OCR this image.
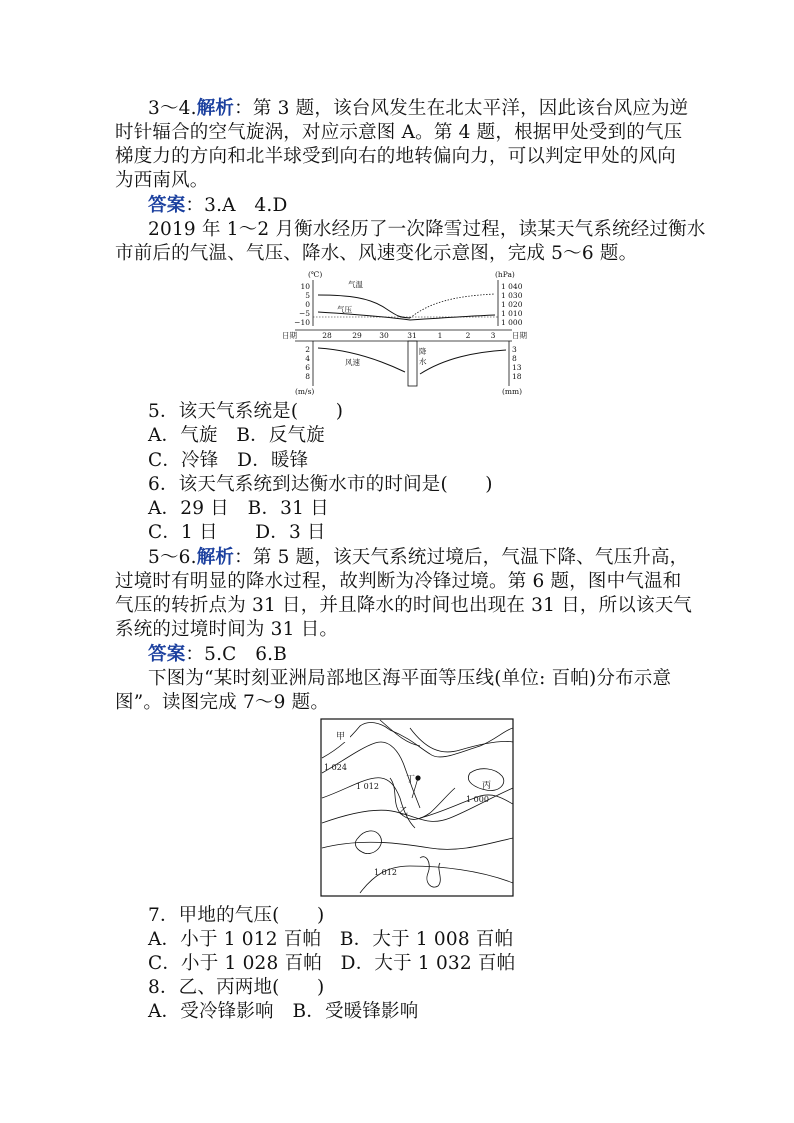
3～4.解析：第 3 题，该台风发生在北太平洋，因此该台风应为逆
时针辐合的空气旋涡，对应示意图 A。第 4 题，根据甲处受到的气压
梯度力的方向和北半球受到向右的地转偏向力，可以判定甲处的风向
为西南风。
答案：3.A　4.D
2019 年 1～2 月衡水经历了一次降雪过程，读某天气系统经过衡水
市前后的气温、气压、降水、风速变化示意图，完成 5～6 题。
(℃)	(hPa)
10
5
0
−5
−10
1 040
1 030
1 020
1 010
1 000
气温
气压
日期	日期
28	29 30 31	1	2	3
2
4
6
8
3
8
13
18
风速
降
水
(m/s)	(mm)
5．该天气系统是(　　)
A．气旋　B．反气旋
C．冷锋　D．暖锋
6．该天气系统到达衡水市的时间是(　　)
A．29 日　B．31 日
C．1 日　　D．3 日
5～6.解析：第 5 题，该天气系统过境后，气温下降、气压升高，
过境时有明显的降水过程，故判断为冷锋过境。第 6 题，图中气温和
气压的转折点为 31 日，并且降水的时间也出现在 31 日，所以该天气
系统的过境时间为 31 日。
答案：5.C　6.B
下图为“某时刻亚洲局部地区海平面等压线(单位: 百帕)分布示意
图”。读图完成 7～9 题。
甲
乙
丙
丁
1 024
1 012
1 000
1 012
7．甲地的气压(　　)
A．小于 1 012 百帕　B．大于 1 008 百帕
C．小于 1 028 百帕　D．大于 1 032 百帕
8．乙、丙两地(　　)
A．受冷锋影响　B．受暖锋影响
